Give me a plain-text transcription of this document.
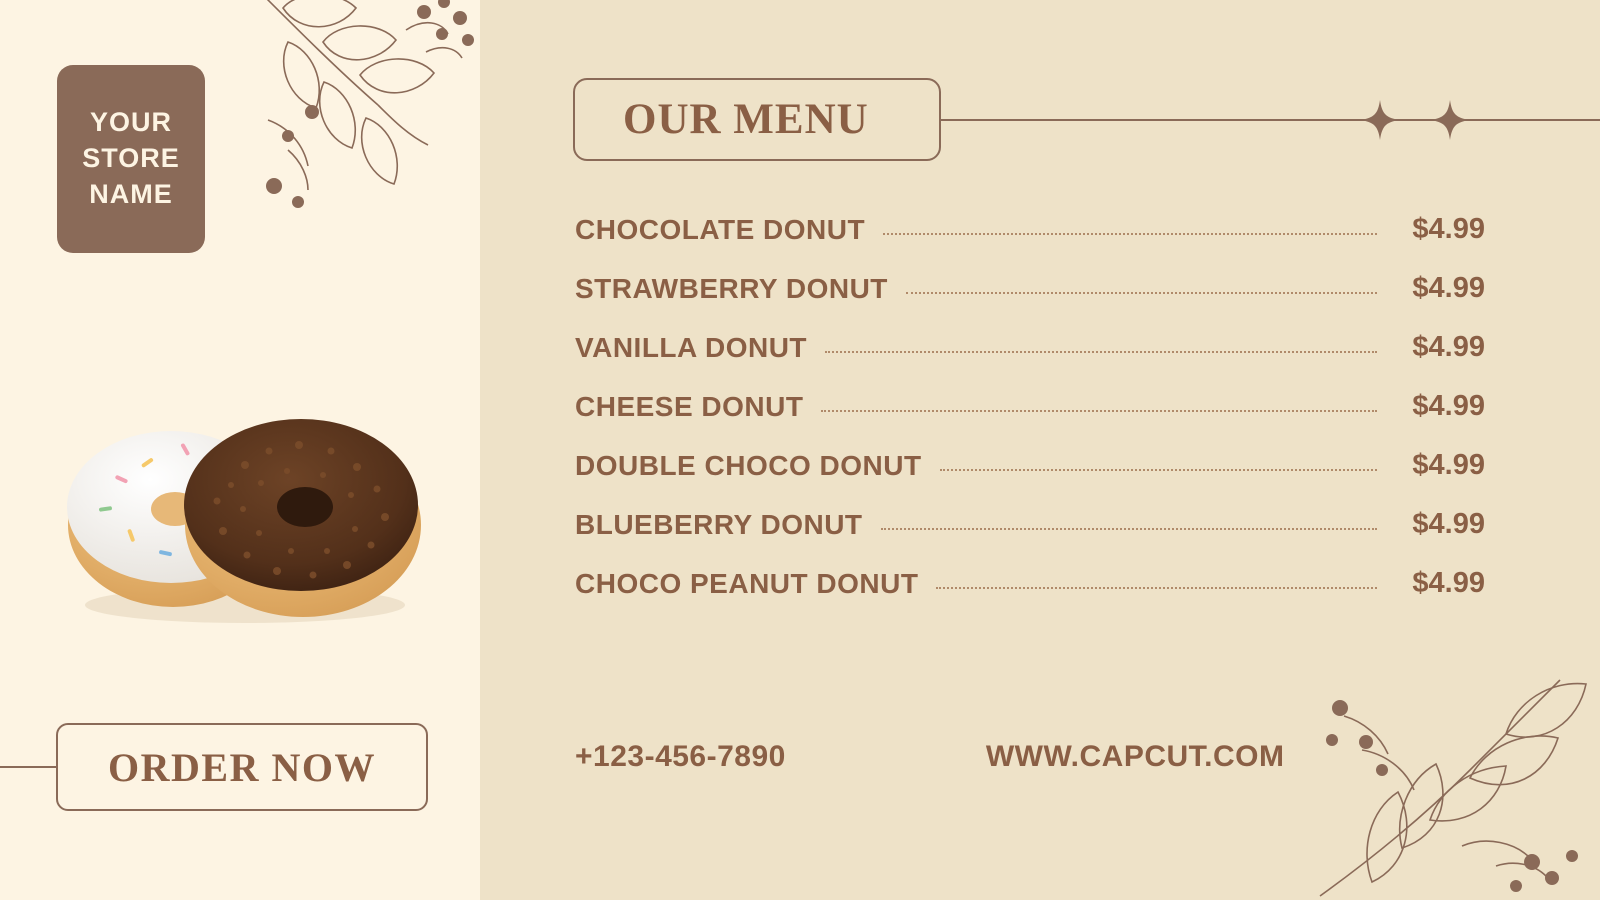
YOUR
STORE
NAME
ORDER NOW
OUR MENU
CHOCOLATE DONUT	$4.99
STRAWBERRY DONUT	$4.99
VANILLA DONUT	$4.99
CHEESE DONUT	$4.99
DOUBLE CHOCO DONUT	$4.99
BLUEBERRY DONUT	$4.99
CHOCO PEANUT DONUT	$4.99
+123-456-7890	WWW.CAPCUT.COM
